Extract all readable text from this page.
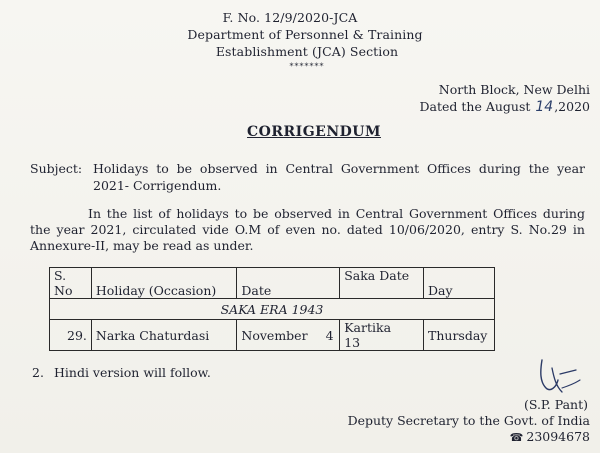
F. No. 12/9/2020-JCA
Department of Personnel & Training
Establishment (JCA) Section
*******
North Block, New Delhi
Dated the August 14,2020
CORRIGENDUM
Subject: Holidays to be observed in Central Government Offices during the year 2021- Corrigendum.
In the list of holidays to be observed in Central Government Offices during the year 2021, circulated vide O.M of even no. dated 10/06/2020, entry S. No.29 in Annexure-II, may be read as under.
S. No	Holiday (Occasion)	Date	Saka Date	Day
SAKA ERA 1943				
29.	Narka Chaturdasi	November 4	Kartika13	Thursday
2. Hindi version will follow.
(S.P. Pant)
Deputy Secretary to the Govt. of India
☎ 23094678
